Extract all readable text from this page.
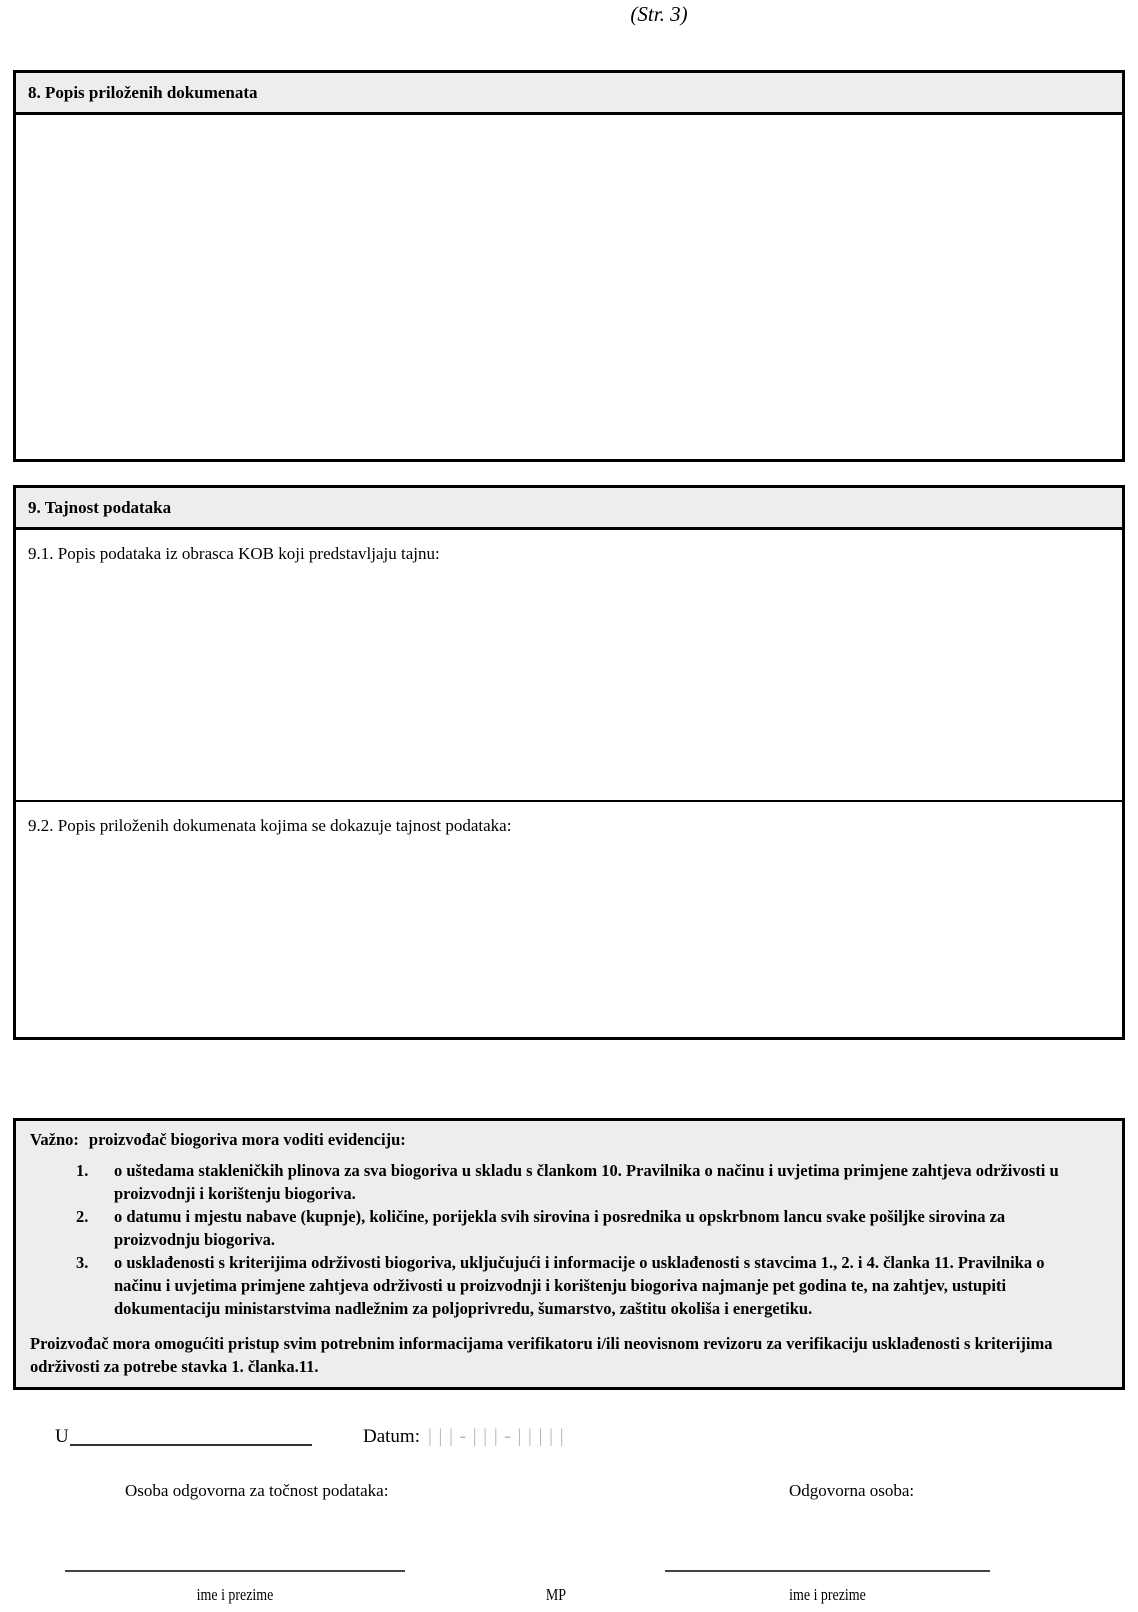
(Str. 3)
8. Popis priloženih dokumenata
9. Tajnost podataka
9.1. Popis podataka iz obrasca KOB koji predstavljaju tajnu:
9.2. Popis priloženih dokumenata kojima se dokazuje tajnost podataka:

Važno: proizvođač biogoriva mora voditi evidenciju:

1.	o uštedama stakleničkih plinova za sva biogoriva u skladu s člankom 10. Pravilnika o načinu i uvjetima primjene zahtjeva održivosti u proizvodnji i korištenju biogoriva.
2.	o datumu i mjestu nabave (kupnje), količine, porijekla svih sirovina i posrednika u opskrbnom lancu svake pošiljke sirovina za proizvodnju biogoriva.
3.	o usklađenosti s kriterijima održivosti biogoriva, uključujući i informacije o usklađenosti s stavcima 1., 2. i 4. članka 11. Pravilnika o načinu i uvjetima primjene zahtjeva održivosti u proizvodnji i korištenju biogoriva najmanje pet godina te, na zahtjev, ustupiti dokumentaciju ministarstvima nadležnim za poljoprivredu, šumarstvo, zaštitu okoliša i energetiku.

Proizvođač mora omogućiti pristup svim potrebnim informacijama verifikatoru i/ili neovisnom revizoru za verifikaciju usklađenosti s kriterijima održivosti za potrebe stavka 1. članka.11.

U	Datum: | | | - | | | - | | | | |
Osoba odgovorna za točnost podataka:	Odgovorna osoba:
ime i prezime	MP	ime i prezime
